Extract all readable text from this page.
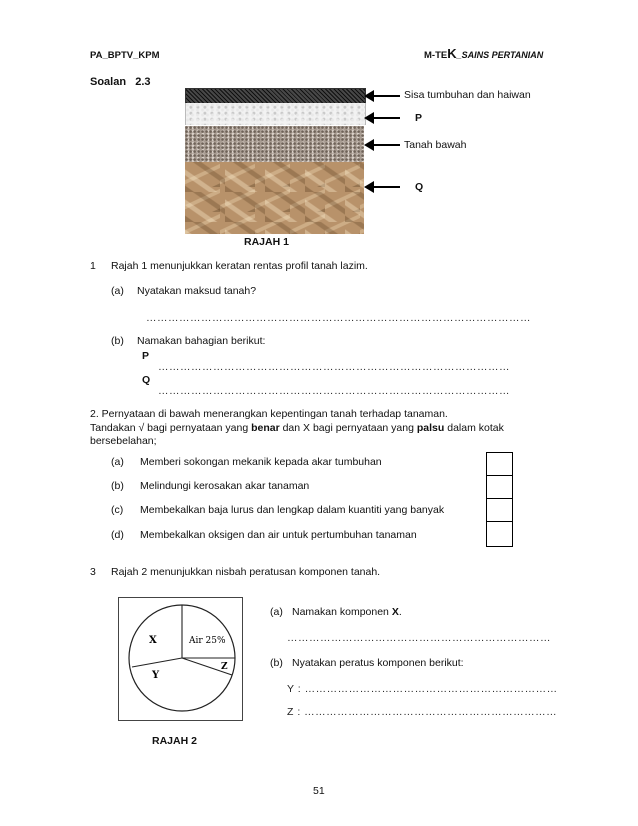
PA_BPTV_KPM	M-TEK_SAINS PERTANIAN
Soalan   2.3
Sisa tumbuhan dan haiwan
P
Tanah bawah
Q
RAJAH 1
1 Rajah 1 menunjukkan keratan rentas profil tanah lazim.
(a) Nyatakan maksud tanah?
……………………………………………………………………………………………
(b) Namakan bahagian berikut:
P
……………………………………………………………………………………
Q
……………………………………………………………………………………
2. Pernyataan di bawah menerangkan kepentingan tanah terhadap tanaman.
Tandakan √ bagi pernyataan yang benar dan X bagi pernyataan yang palsu dalam kotak
bersebelahan;
(a) Memberi sokongan mekanik kepada akar tumbuhan
(b) Melindungi kerosakan akar tanaman
(c) Membekalkan baja lurus dan lengkap dalam kuantiti yang banyak
(d) Membekalkan oksigen dan air untuk pertumbuhan tanaman
3 Rajah 2 menunjukkan nisbah peratusan komponen tanah.
X	Air 25%
Z
Y
RAJAH 2
(a) Namakan komponen X.
………………………………………………………………
(b) Nyatakan peratus komponen berikut:
Y : ……………………………………………………………
Z : ……………………………………………………………
51
